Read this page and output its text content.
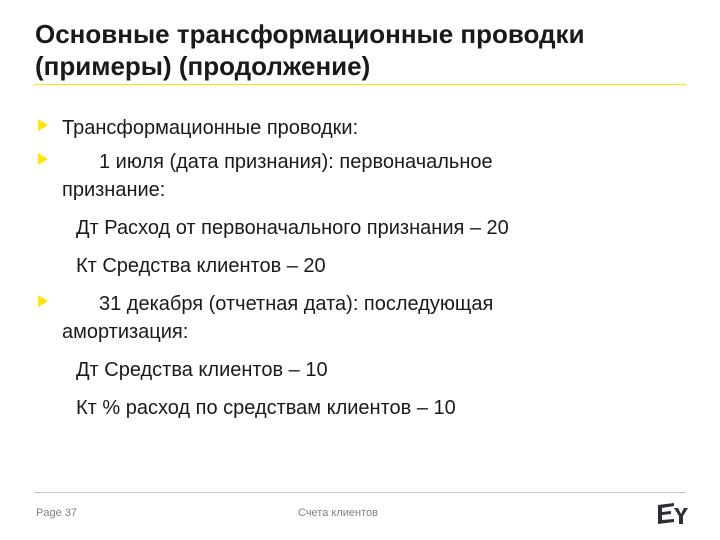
Основные трансформационные проводки
(примеры) (продолжение)
Трансформационные проводки:
1 июля (дата признания): первоначальное
признание:
Дт Расход от первоначального признания – 20
Кт Средства клиентов – 20
31 декабря (отчетная дата): последующая
амортизация:
Дт Средства клиентов – 10
Кт % расход по средствам клиентов – 10
Page 37	Счета клиентов
